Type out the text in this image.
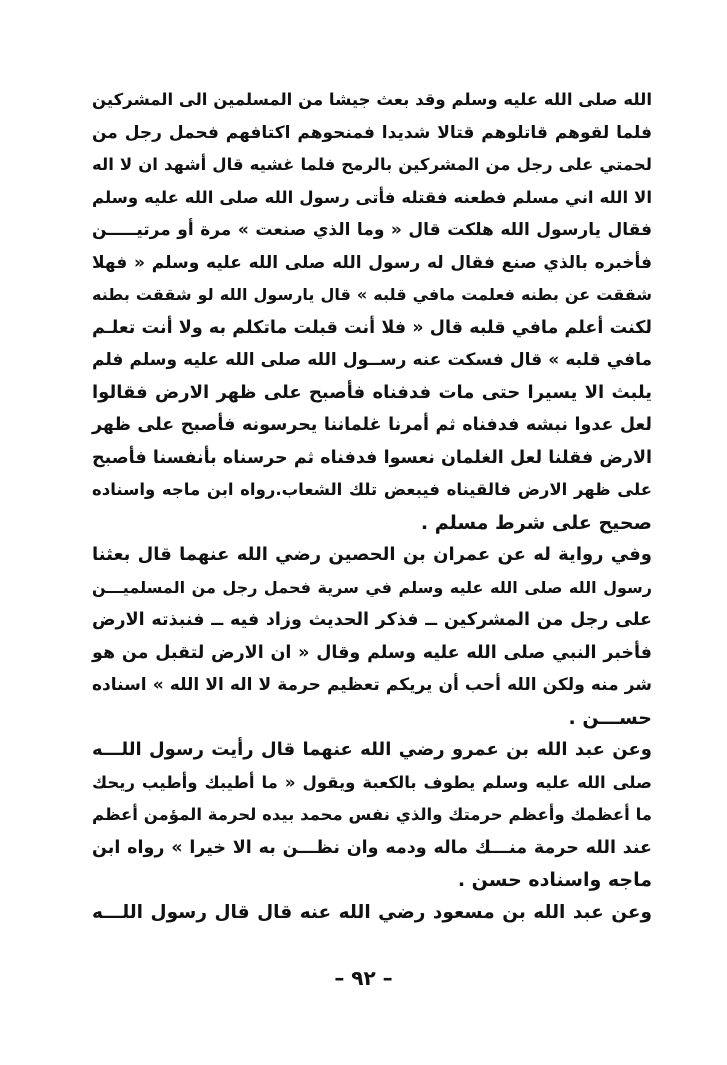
الله صلى الله عليه وسلم وقد بعث جيشا من المسلمين الى المشركين
فلما لقوهم قاتلوهم قتالا شديدا فمنحوهم اكتافهم فحمل رجل من
لحمتي على رجل من المشركين بالرمح فلما غشيه قال أشهد ان لا اله
الا الله اني مسلم فطعنه فقتله فأتى رسول الله صلى الله عليه وسلم
فقال يارسول الله هلكت قال « وما الذي صنعت » مرة أو مرتيـــــن
فأخبره بالذي صنع فقال له رسول الله صلى الله عليه وسلم « فهلا
شققت عن بطنه فعلمت مافي قلبه » قال يارسول الله لو شققت بطنه
لكنت أعلم مافي قلبه قال « فلا أنت قبلت ماتكلم به ولا أنت تعلـم
مافي قلبه » قال فسكت عنه رســول الله صلى الله عليه وسلم فلم
يلبث الا يسيرا حتى مات فدفناه فأصبح على ظهر الارض فقالوا
لعل عدوا نبشه فدفناه ثم أمرنا غلماننا يحرسونه فأصبح على ظهر
الارض فقلنا لعل الغلمان نعسوا فدفناه ثم حرسناه بأنفسنا فأصبح
على ظهر الارض فالقيناه فيبعض تلك الشعاب.رواه ابن ماجه واسناده
صحيح على شرط مسلم .
وفي رواية له عن عمران بن الحصين رضي الله عنهما قال بعثنا
رسول الله صلى الله عليه وسلم في سرية فحمل رجل من المسلميـــن
على رجل من المشركين ــ فذكر الحديث وزاد فيه ــ فنبذته الارض
فأخبر النبي صلى الله عليه وسلم وقال « ان الارض لتقبل من هو
شر منه ولكن الله أحب أن يريكم تعظيم حرمة لا اله الا الله » اسناده
حســـن .
وعن عبد الله بن عمرو رضي الله عنهما قال رأيت رسول اللـــه
صلى الله عليه وسلم يطوف بالكعبة ويقول « ما أطيبك وأطيب ريحك
ما أعظمك وأعظم حرمتك والذي نفس محمد بيده لحرمة المؤمن أعظم
عند الله حرمة منـــك ماله ودمه وان نظـــن به الا خيرا » رواه ابن
ماجه واسناده حسن .
وعن عبد الله بن مسعود رضي الله عنه قال قال رسول اللـــه
– ٩٢ –
